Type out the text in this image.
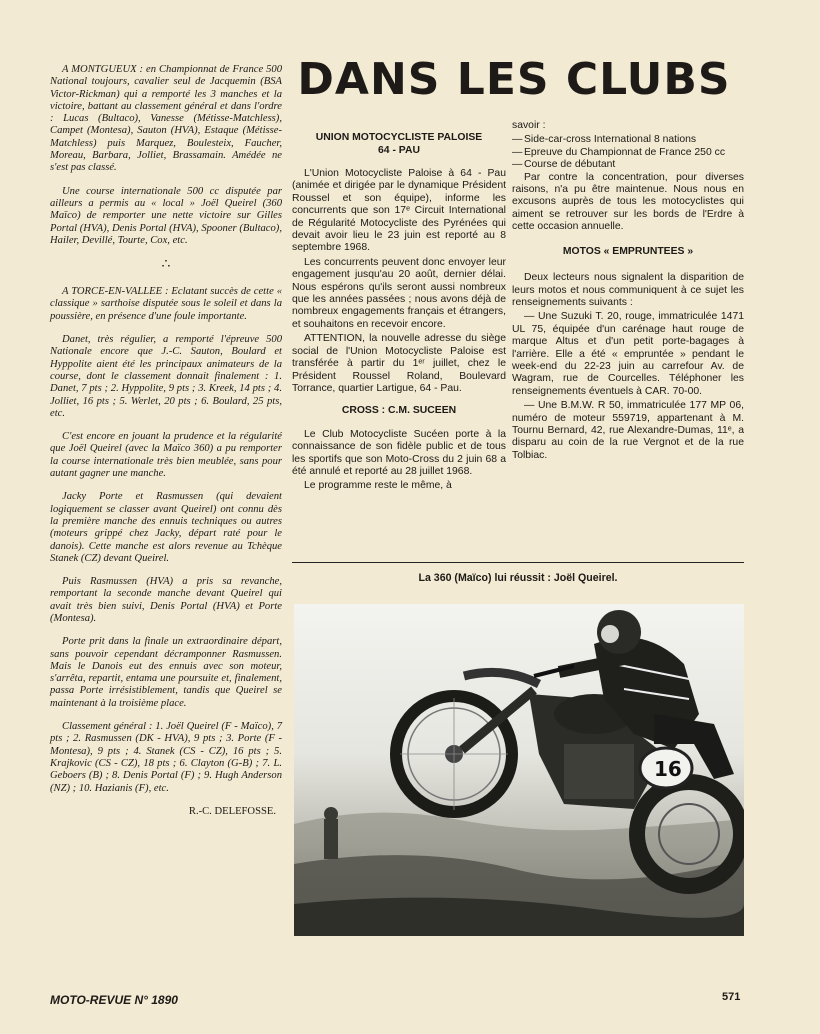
A MONTGUEUX : en Championnat de France 500 National toujours, cavalier seul de Jacquemin (BSA Victor-Rickman) qui a remporté les 3 manches et la victoire, battant au classement général et dans l'ordre : Lucas (Bultaco), Vanesse (Métisse-Matchless), Campet (Montesa), Sauton (HVA), Estaque (Métisse-Matchless) puis Marquez, Boulesteix, Faucher, Moreau, Barbara, Jolliet, Brassamain. Amédée ne s'est pas classé.

Une course internationale 500 cc disputée par ailleurs a permis au « local » Joël Queirel (360 Maïco) de remporter une nette victoire sur Gilles Portal (HVA), Denis Portal (HVA), Spooner (Bultaco), Hailer, Devillé, Tourte, Cox, etc.

∴

A TORCE-EN-VALLEE : Eclatant succès de cette « classique » sarthoise disputée sous le soleil et dans la poussière, en présence d'une foule importante.

Danet, très régulier, a remporté l'épreuve 500 Nationale encore que J.-C. Sauton, Boulard et Hyppolite aient été les principaux animateurs de la course, dont le classement donnait finalement : 1. Danet, 7 pts ; 2. Hyppolite, 9 pts ; 3. Kreek, 14 pts ; 4. Jolliet, 16 pts ; 5. Werlet, 20 pts ; 6. Boulard, 25 pts, etc.

C'est encore en jouant la prudence et la régularité que Joël Queirel (avec la Maïco 360) a pu remporter la course internationale très bien meublée, sans pour autant gagner une manche.

Jacky Porte et Rasmussen (qui devaient logiquement se classer avant Queirel) ont connu dès la première manche des ennuis techniques ou autres (moteurs grippé chez Jacky, départ raté pour le danois). Cette manche est alors revenue au Tchèque Stanek (CZ) devant Queirel.

Puis Rasmussen (HVA) a pris sa revanche, remportant la seconde manche devant Queirel qui avait très bien suivi, Denis Portal (HVA) et Porte (Montesa).

Porte prit dans la finale un extraordinaire départ, sans pouvoir cependant décramponner Rasmussen. Mais le Danois eut des ennuis avec son moteur, s'arrêta, repartit, entama une poursuite et, finalement, passa Porte irrésistiblement, tandis que Queirel se maintenant à la troisième place.

Classement général : 1. Joël Queirel (F - Maïco), 7 pts ; 2. Rasmussen (DK - HVA), 9 pts ; 3. Porte (F - Montesa), 9 pts ; 4. Stanek (CS - CZ), 16 pts ; 5. Krajkovic (CS - CZ), 18 pts ; 6. Clayton (G-B) ; 7. L. Geboers (B) ; 8. Denis Portal (F) ; 9. Hugh Anderson (NZ) ; 10. Hazianis (F), etc.

R.-C. DELEFOSSE.
DANS LES CLUBS
UNION MOTOCYCLISTE PALOISE
64 - PAU

L'Union Motocycliste Paloise à 64 - Pau (animée et dirigée par le dynamique Président Roussel et son équipe), informe les concurrents que son 17ᵉ Circuit International de Régularité Motocycliste des Pyrénées qui devait avoir lieu le 23 juin est reporté au 8 septembre 1968.

Les concurrents peuvent donc envoyer leur engagement jusqu'au 20 août, dernier délai. Nous espérons qu'ils seront aussi nombreux que les années passées ; nous avons déjà de nombreux engagements français et étrangers, et souhaitons en recevoir encore.

ATTENTION, la nouvelle adresse du siège social de l'Union Motocycliste Paloise est transférée à partir du 1ᵉʳ juillet, chez le Président Roussel Roland, Boulevard Torrance, quartier Lartigue, 64 - Pau.

CROSS : C.M. SUCEEN

Le Club Motocycliste Sucéen porte à la connaissance de son fidèle public et de tous les sportifs que son Moto-Cross du 2 juin 68 a été annulé et reporté au 28 juillet 1968.

Le programme reste le même, à

savoir :

— Side-car-cross International 8 nations
— Epreuve du Championnat de France 250 cc
— Course de débutant

Par contre la concentration, pour diverses raisons, n'a pu être maintenue. Nous nous en excusons auprès de tous les motocyclistes qui aiment se retrouver sur les bords de l'Erdre à cette occasion annuelle.

MOTOS « EMPRUNTEES »

Deux lecteurs nous signalent la disparition de leurs motos et nous communiquent à ce sujet les renseignements suivants :

— Une Suzuki T. 20, rouge, immatriculée 1471 UL 75, équipée d'un carénage haut rouge de marque Altus et d'un petit porte-bagages à l'arrière. Elle a été « empruntée » pendant le week-end du 22-23 juin au carrefour Av. de Wagram, rue de Courcelles. Téléphoner les renseignements éventuels à CAR. 70-00.

— Une B.M.W. R 50, immatriculée 177 MP 06, numéro de moteur 559719, appartenant à M. Tournu Bernard, 42, rue Alexandre-Dumas, 11ᵉ, a disparu au coin de la rue Vergnot et de la rue Tolbiac.

La 360 (Maïco) lui réussit : Joël Queirel.
16
MOTO-REVUE N° 1890	571
